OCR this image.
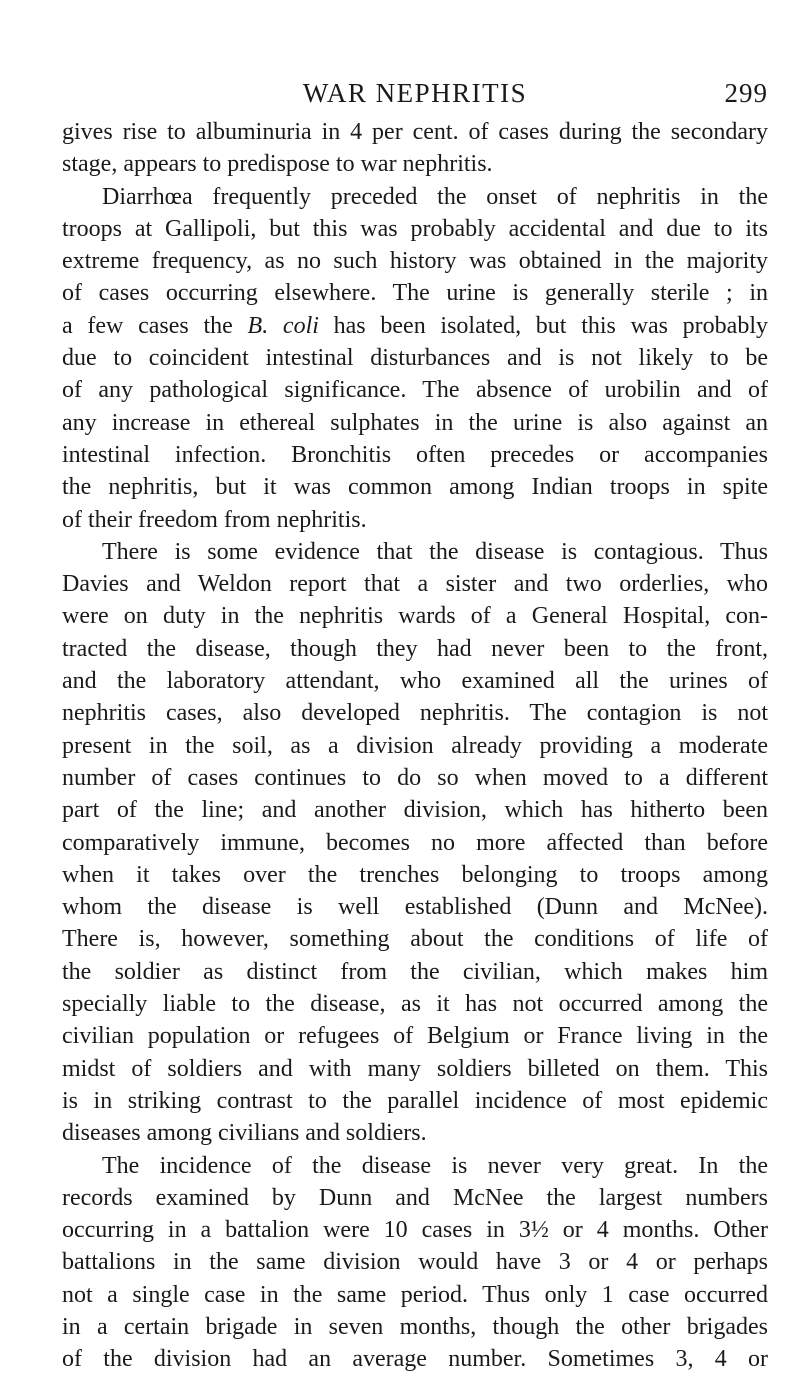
WAR NEPHRITIS	299
gives rise to albuminuria in 4 per cent. of cases during the secondary
stage, appears to predispose to war nephritis.
Diarrhœa frequently preceded the onset of nephritis in the
troops at Gallipoli, but this was probably accidental and due to its
extreme frequency, as no such history was obtained in the majority
of cases occurring elsewhere. The urine is generally sterile ; in
a few cases the B. coli has been isolated, but this was probably
due to coincident intestinal disturbances and is not likely to be
of any pathological significance. The absence of urobilin and of
any increase in ethereal sulphates in the urine is also against an
intestinal infection. Bronchitis often precedes or accompanies
the nephritis, but it was common among Indian troops in spite
of their freedom from nephritis.
There is some evidence that the disease is contagious. Thus
Davies and Weldon report that a sister and two orderlies, who
were on duty in the nephritis wards of a General Hospital, con-
tracted the disease, though they had never been to the front,
and the laboratory attendant, who examined all the urines of
nephritis cases, also developed nephritis. The contagion is not
present in the soil, as a division already providing a moderate
number of cases continues to do so when moved to a different
part of the line; and another division, which has hitherto been
comparatively immune, becomes no more affected than before
when it takes over the trenches belonging to troops among
whom the disease is well established (Dunn and McNee).
There is, however, something about the conditions of life of
the soldier as distinct from the civilian, which makes him
specially liable to the disease, as it has not occurred among the
civilian population or refugees of Belgium or France living in the
midst of soldiers and with many soldiers billeted on them. This
is in striking contrast to the parallel incidence of most epidemic
diseases among civilians and soldiers.
The incidence of the disease is never very great. In the
records examined by Dunn and McNee the largest numbers
occurring in a battalion were 10 cases in 3½ or 4 months. Other
battalions in the same division would have 3 or 4 or perhaps
not a single case in the same period. Thus only 1 case occurred
in a certain brigade in seven months, though the other brigades
of the division had an average number. Sometimes 3, 4 or
